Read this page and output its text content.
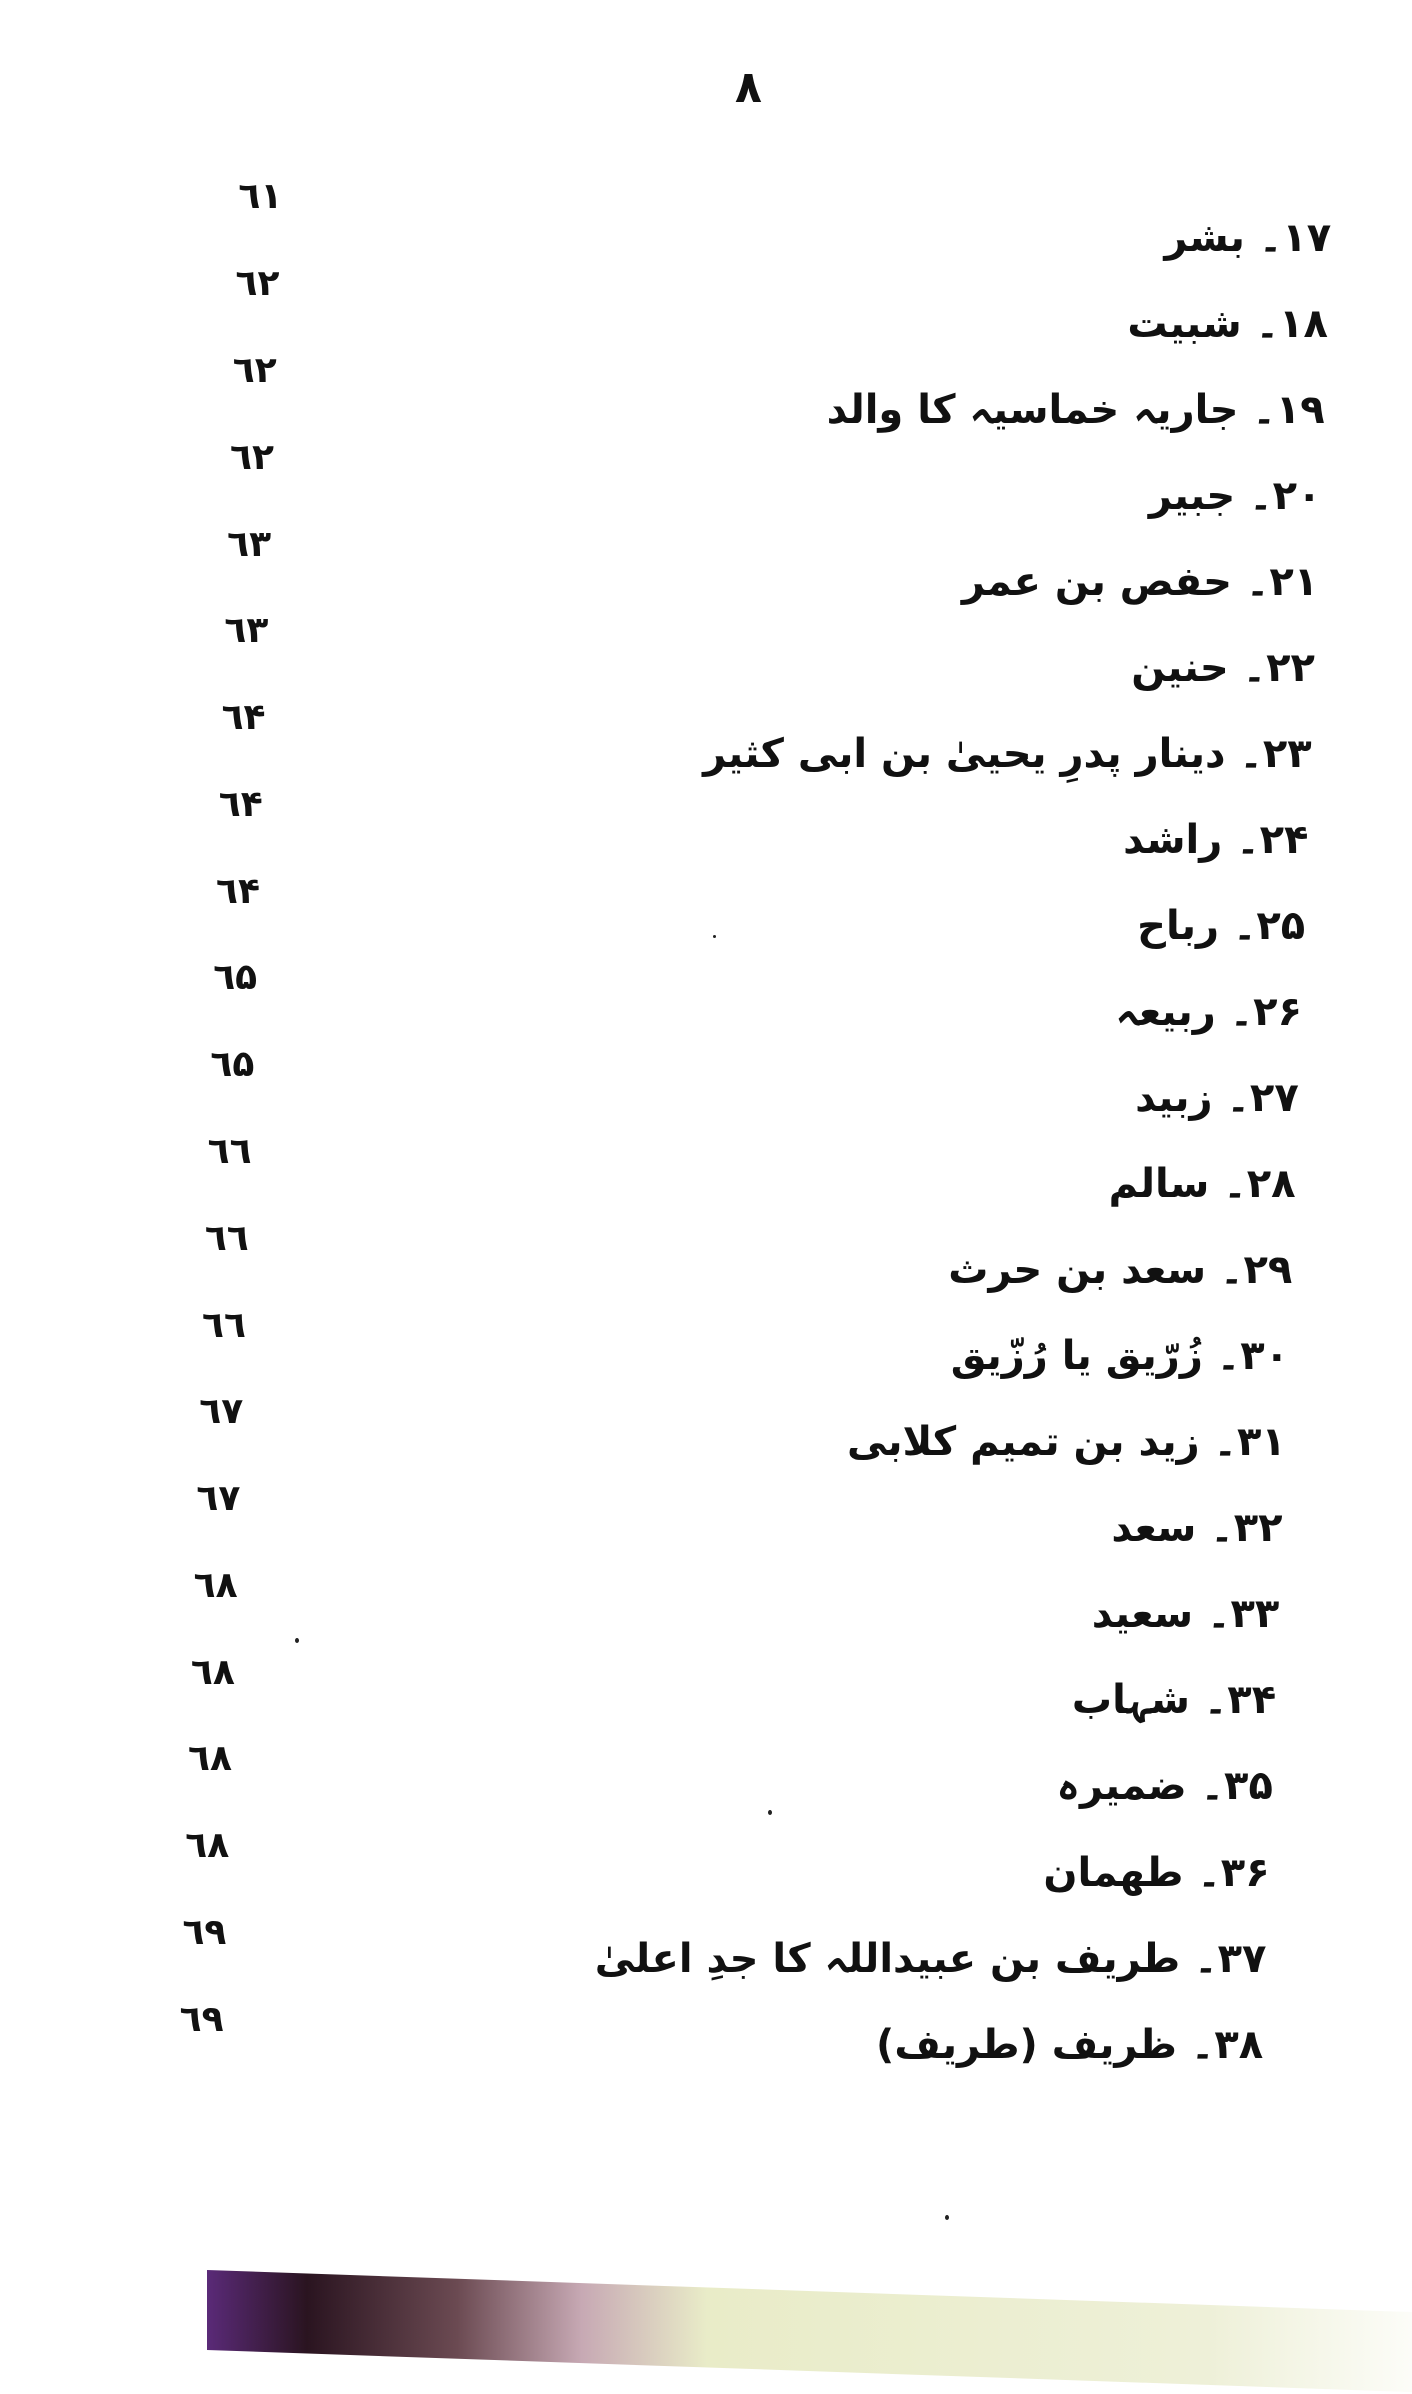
٨
۱۷۔ بشر
٦١
۱۸۔ شبیت
٦٢
۱۹۔ جاریہ خماسیہ کا والد
٦٢
۲۰۔ جبیر
٦٢
۲۱۔ حفص بن عمر
٦٣
۲۲۔ حنین
٦٣
۲۳۔ دینار پدرِ یحییٰ بن ابی کثیر
٦۴
۲۴۔ راشد
٦۴
۲۵۔ رباح
٦۴
۲۶۔ ربیعہ
٦۵
۲۷۔ زبید
٦۵
۲۸۔ سالم
٦٦
۲۹۔ سعد بن حرث
٦٦
۳۰۔ زُرّیق یا رُزّیق
٦٦
۳۱۔ زید بن تمیم کلابی
٦٧
۳۲۔ سعد
٦٧
۳۳۔ سعید
٦٨
۳۴۔ شہاب
٦٨
۳۵۔ ضمیرہ
٦٨
۳۶۔ طھمان
٦٨
۳۷۔ طریف بن عبیداللہ کا جدِ اعلیٰ
٦٩
۳۸۔ ظریف (طریف)
٦٩
